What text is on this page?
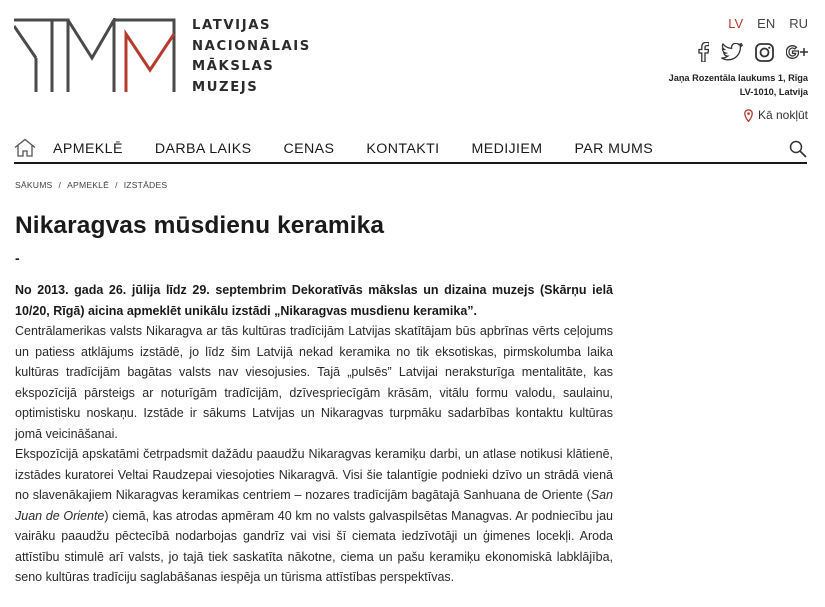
LATVIJAS
NACIONĀLAIS
MĀKSLAS
MUZEJS
LV EN RU
Jaņa Rozentāla laukums 1, Rīga
LV-1010, Latvija
Kā nokļūt
APMEKLĒ DARBA LAIKS CENAS KONTAKTI MEDIJIEM PAR MUMS
SĀKUMS / APMEKLĒ / IZSTĀDES
Nikaragvas mūsdienu keramika
-

No 2013. gada 26. jūlija līdz 29. septembrim Dekoratīvās mākslas un dizaina muzejs (Skārņu ielā 10/20, Rīgā) aicina apmeklēt unikālu izstādi „Nikaragvas musdienu keramika”.

Centrālamerikas valsts Nikaragva ar tās kultūras tradīcijām Latvijas skatītājam būs apbrīnas vērts ceļojums un patiess atklājums izstādē, jo līdz šim Latvijā nekad keramika no tik eksotiskas, pirmskolumba laika kultūras tradīcijām bagātas valsts nav viesojusies. Tajā „pulsēs” Latvijai neraksturīga mentalitāte, kas ekspozīcijā pārsteigs ar noturīgām tradīcijām, dzīvespriecīgām krāsām, vitālu formu valodu, saulainu, optimistisku noskaņu. Izstāde ir sākums Latvijas un Nikaragvas turpmāku sadarbības kontaktu kultūras jomā veicināšanai.

Ekspozīcijā apskatāmi četrpadsmit dažādu paaudžu Nikaragvas keramiķu darbi, un atlase notikusi klātienē, izstādes kuratorei Veltai Raudzepai viesojoties Nikaragvā. Visi šie talantīgie podnieki dzīvo un strādā vienā no slavenākajiem Nikaragvas keramikas centriem – nozares tradīcijām bagātajā Sanhuana de Oriente (San Juan de Oriente) ciemā, kas atrodas apmēram 40 km no valsts galvaspilsētas Managvas. Ar podniecību jau vairāku paaudžu pēctecībā nodarbojas gandrīz vai visi šī ciemata iedzīvotāji un ģimenes locekļi. Aroda attīstību stimulē arī valsts, jo tajā tiek saskatīta nākotne, ciema un pašu keramiķu ekonomiskā labklājība, seno kultūras tradīciju saglabāšanas iespēja un tūrisma attīstības perspektīvas.
